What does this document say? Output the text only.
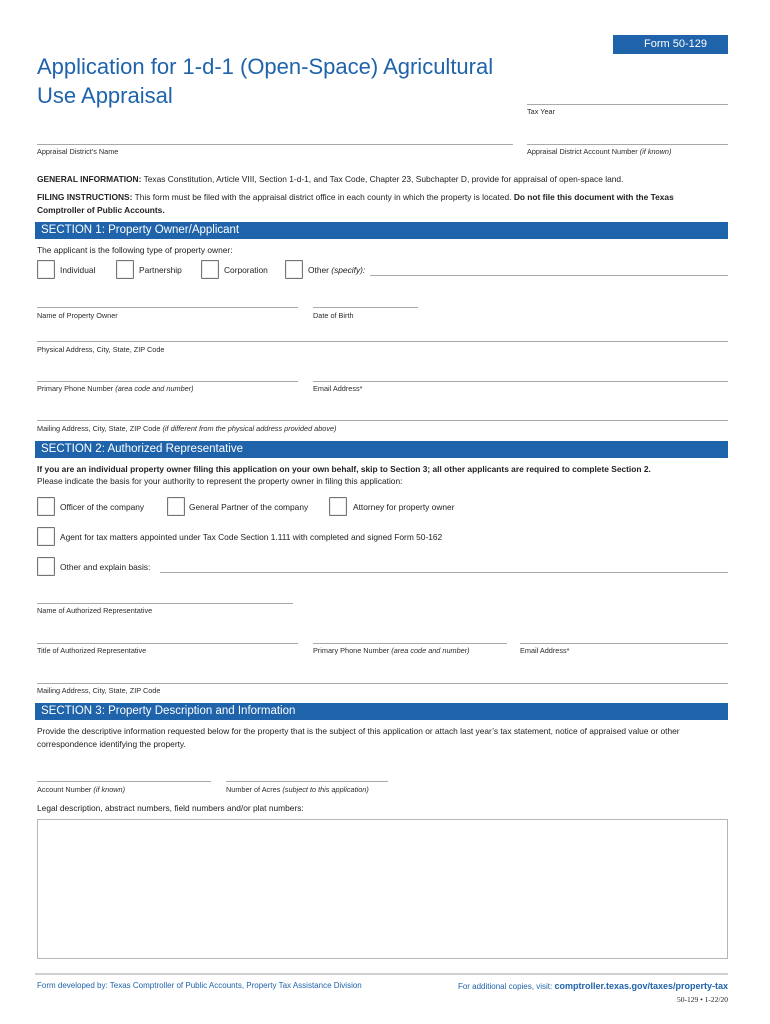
Form 50-129
Application for 1-d-1 (Open-Space) Agricultural
Use Appraisal
Tax Year
Appraisal District’s Name	Appraisal District Account Number (if known)
GENERAL INFORMATION: Texas Constitution, Article VIII, Section 1-d-1, and Tax Code, Chapter 23, Subchapter D, provide for appraisal of open-space land.
FILING INSTRUCTIONS: This form must be filed with the appraisal district office in each county in which the property is located. Do not file this document with the Texas
Comptroller of Public Accounts.
SECTION 1: Property Owner/Applicant
The applicant is the following type of property owner:
Individual	Partnership	Corporation	Other (specify):
Name of Property Owner	Date of Birth
Physical Address, City, State, ZIP Code
Primary Phone Number (area code and number)	Email Address*
Mailing Address, City, State, ZIP Code (if different from the physical address provided above)
SECTION 2: Authorized Representative
If you are an individual property owner filing this application on your own behalf, skip to Section 3; all other applicants are required to complete Section 2.
Please indicate the basis for your authority to represent the property owner in filing this application:
Officer of the company	General Partner of the company	Attorney for property owner
Agent for tax matters appointed under Tax Code Section 1.111 with completed and signed Form 50-162
Other and explain basis:
Name of Authorized Representative
Title of Authorized Representative	Primary Phone Number (area code and number)	Email Address*
Mailing Address, City, State, ZIP Code
SECTION 3: Property Description and Information
Provide the descriptive information requested below for the property that is the subject of this application or attach last year’s tax statement, notice of appraised value or other
correspondence identifying the property.
Account Number (if known)	Number of Acres (subject to this application)
Legal description, abstract numbers, field numbers and/or plat numbers:
Form developed by: Texas Comptroller of Public Accounts, Property Tax Assistance Division	For additional copies, visit: comptroller.texas.gov/taxes/property-tax
50-129 • 1-22/20
